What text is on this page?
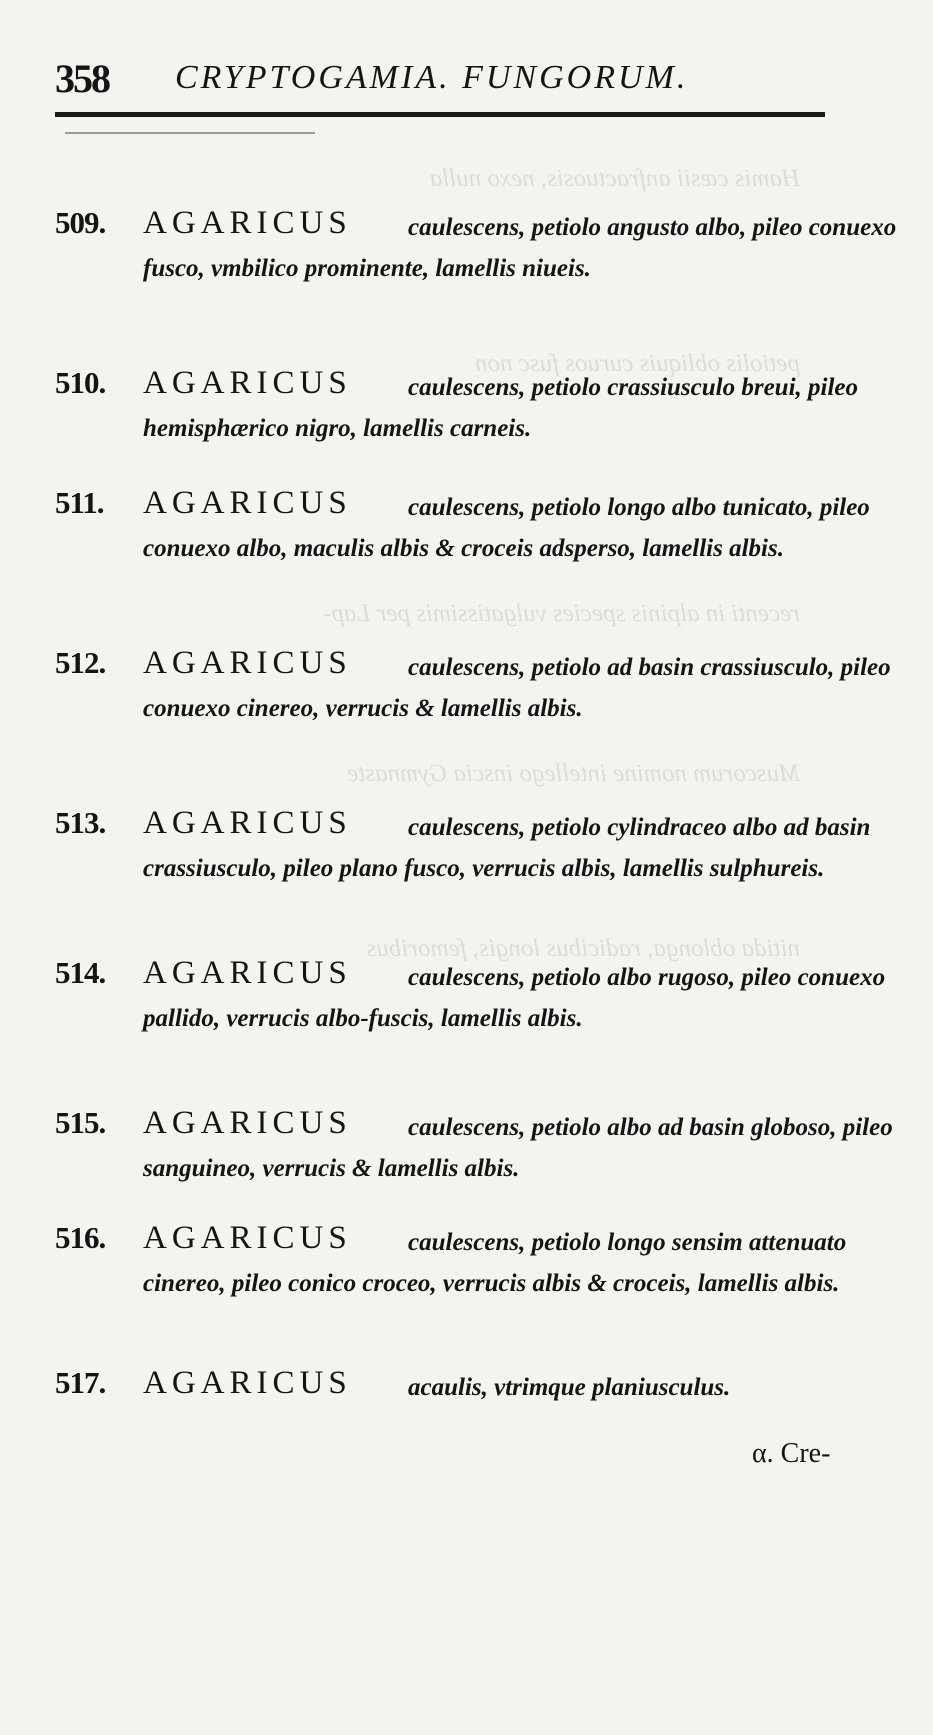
Hamis cæsii anfractuosis, nexo nulla
petiolis obliquis curuos fusc non
recenti in alpinis species vulgatissimis per Lap-
Muscorum nomine intellego inscia Gymnaste
nitida oblonga, radicibus longis, femoribus
358 CRYPTOGAMIA. FUNGORUM.
509. AGARICUS	caulescens, petiolo angusto albo, pileo conuexo fusco, vmbilico prominente, lamellis niueis.
510. AGARICUS	caulescens, petiolo crassiusculo breui, pileo hemisphærico nigro, lamellis carneis.
511. AGARICUS	caulescens, petiolo longo albo tunicato, pileo conuexo albo, maculis albis & croceis adsperso, lamellis albis.
512. AGARICUS	caulescens, petiolo ad basin crassiusculo, pileo conuexo cinereo, verrucis & lamellis albis.
513. AGARICUS	caulescens, petiolo cylindraceo albo ad basin crassiusculo, pileo plano fusco, verrucis albis, lamellis sulphureis.
514. AGARICUS	caulescens, petiolo albo rugoso, pileo conuexo pallido, verrucis albo-fuscis, lamellis albis.
515. AGARICUS	caulescens, petiolo albo ad basin globoso, pileo sanguineo, verrucis & lamellis albis.
516. AGARICUS	caulescens, petiolo longo sensim attenuato cinereo, pileo conico croceo, verrucis albis & croceis, lamellis albis.
517. AGARICUS	acaulis, vtrimque planiusculus.
α. Cre-
